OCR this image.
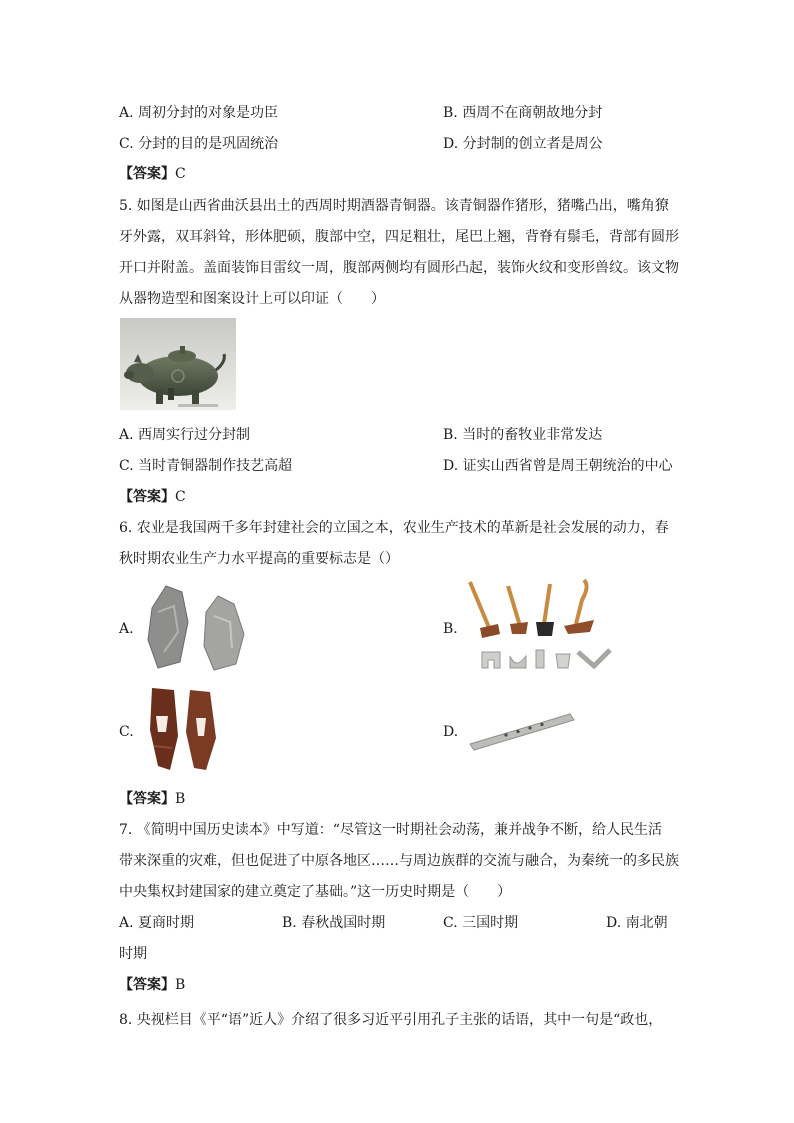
A. 周初分封的对象是功臣	B. 西周不在商朝故地分封
C. 分封的目的是巩固统治	D. 分封制的创立者是周公
【答案】C
5. 如图是山西省曲沃县出土的西周时期酒器青铜器。该青铜器作猪形，猪嘴凸出，嘴角獠
牙外露，双耳斜耸，形体肥硕，腹部中空，四足粗壮，尾巴上翘，背脊有鬃毛，背部有圆形
开口并附盖。盖面装饰目雷纹一周，腹部两侧均有圆形凸起，装饰火纹和变形兽纹。该文物
从器物造型和图案设计上可以印证（　　）
A. 西周实行过分封制	B. 当时的畜牧业非常发达
C. 当时青铜器制作技艺高超	D. 证实山西省曾是周王朝统治的中心
【答案】C
6. 农业是我国两千多年封建社会的立国之本，农业生产技术的革新是社会发展的动力，春
秋时期农业生产力水平提高的重要标志是（）
A.	B.
C.	D.
【答案】B
7. 《简明中国历史读本》中写道：“尽管这一时期社会动荡，兼并战争不断，给人民生活
带来深重的灾难，但也促进了中原各地区……与周边族群的交流与融合，为秦统一的多民族
中央集权封建国家的建立奠定了基础。”这一历史时期是（　　）
A. 夏商时期	B. 春秋战国时期	C. 三国时期	D. 南北朝
时期
【答案】B
8. 央视栏目《平“语”近人》介绍了很多习近平引用孔子主张的话语，其中一句是“政也，
